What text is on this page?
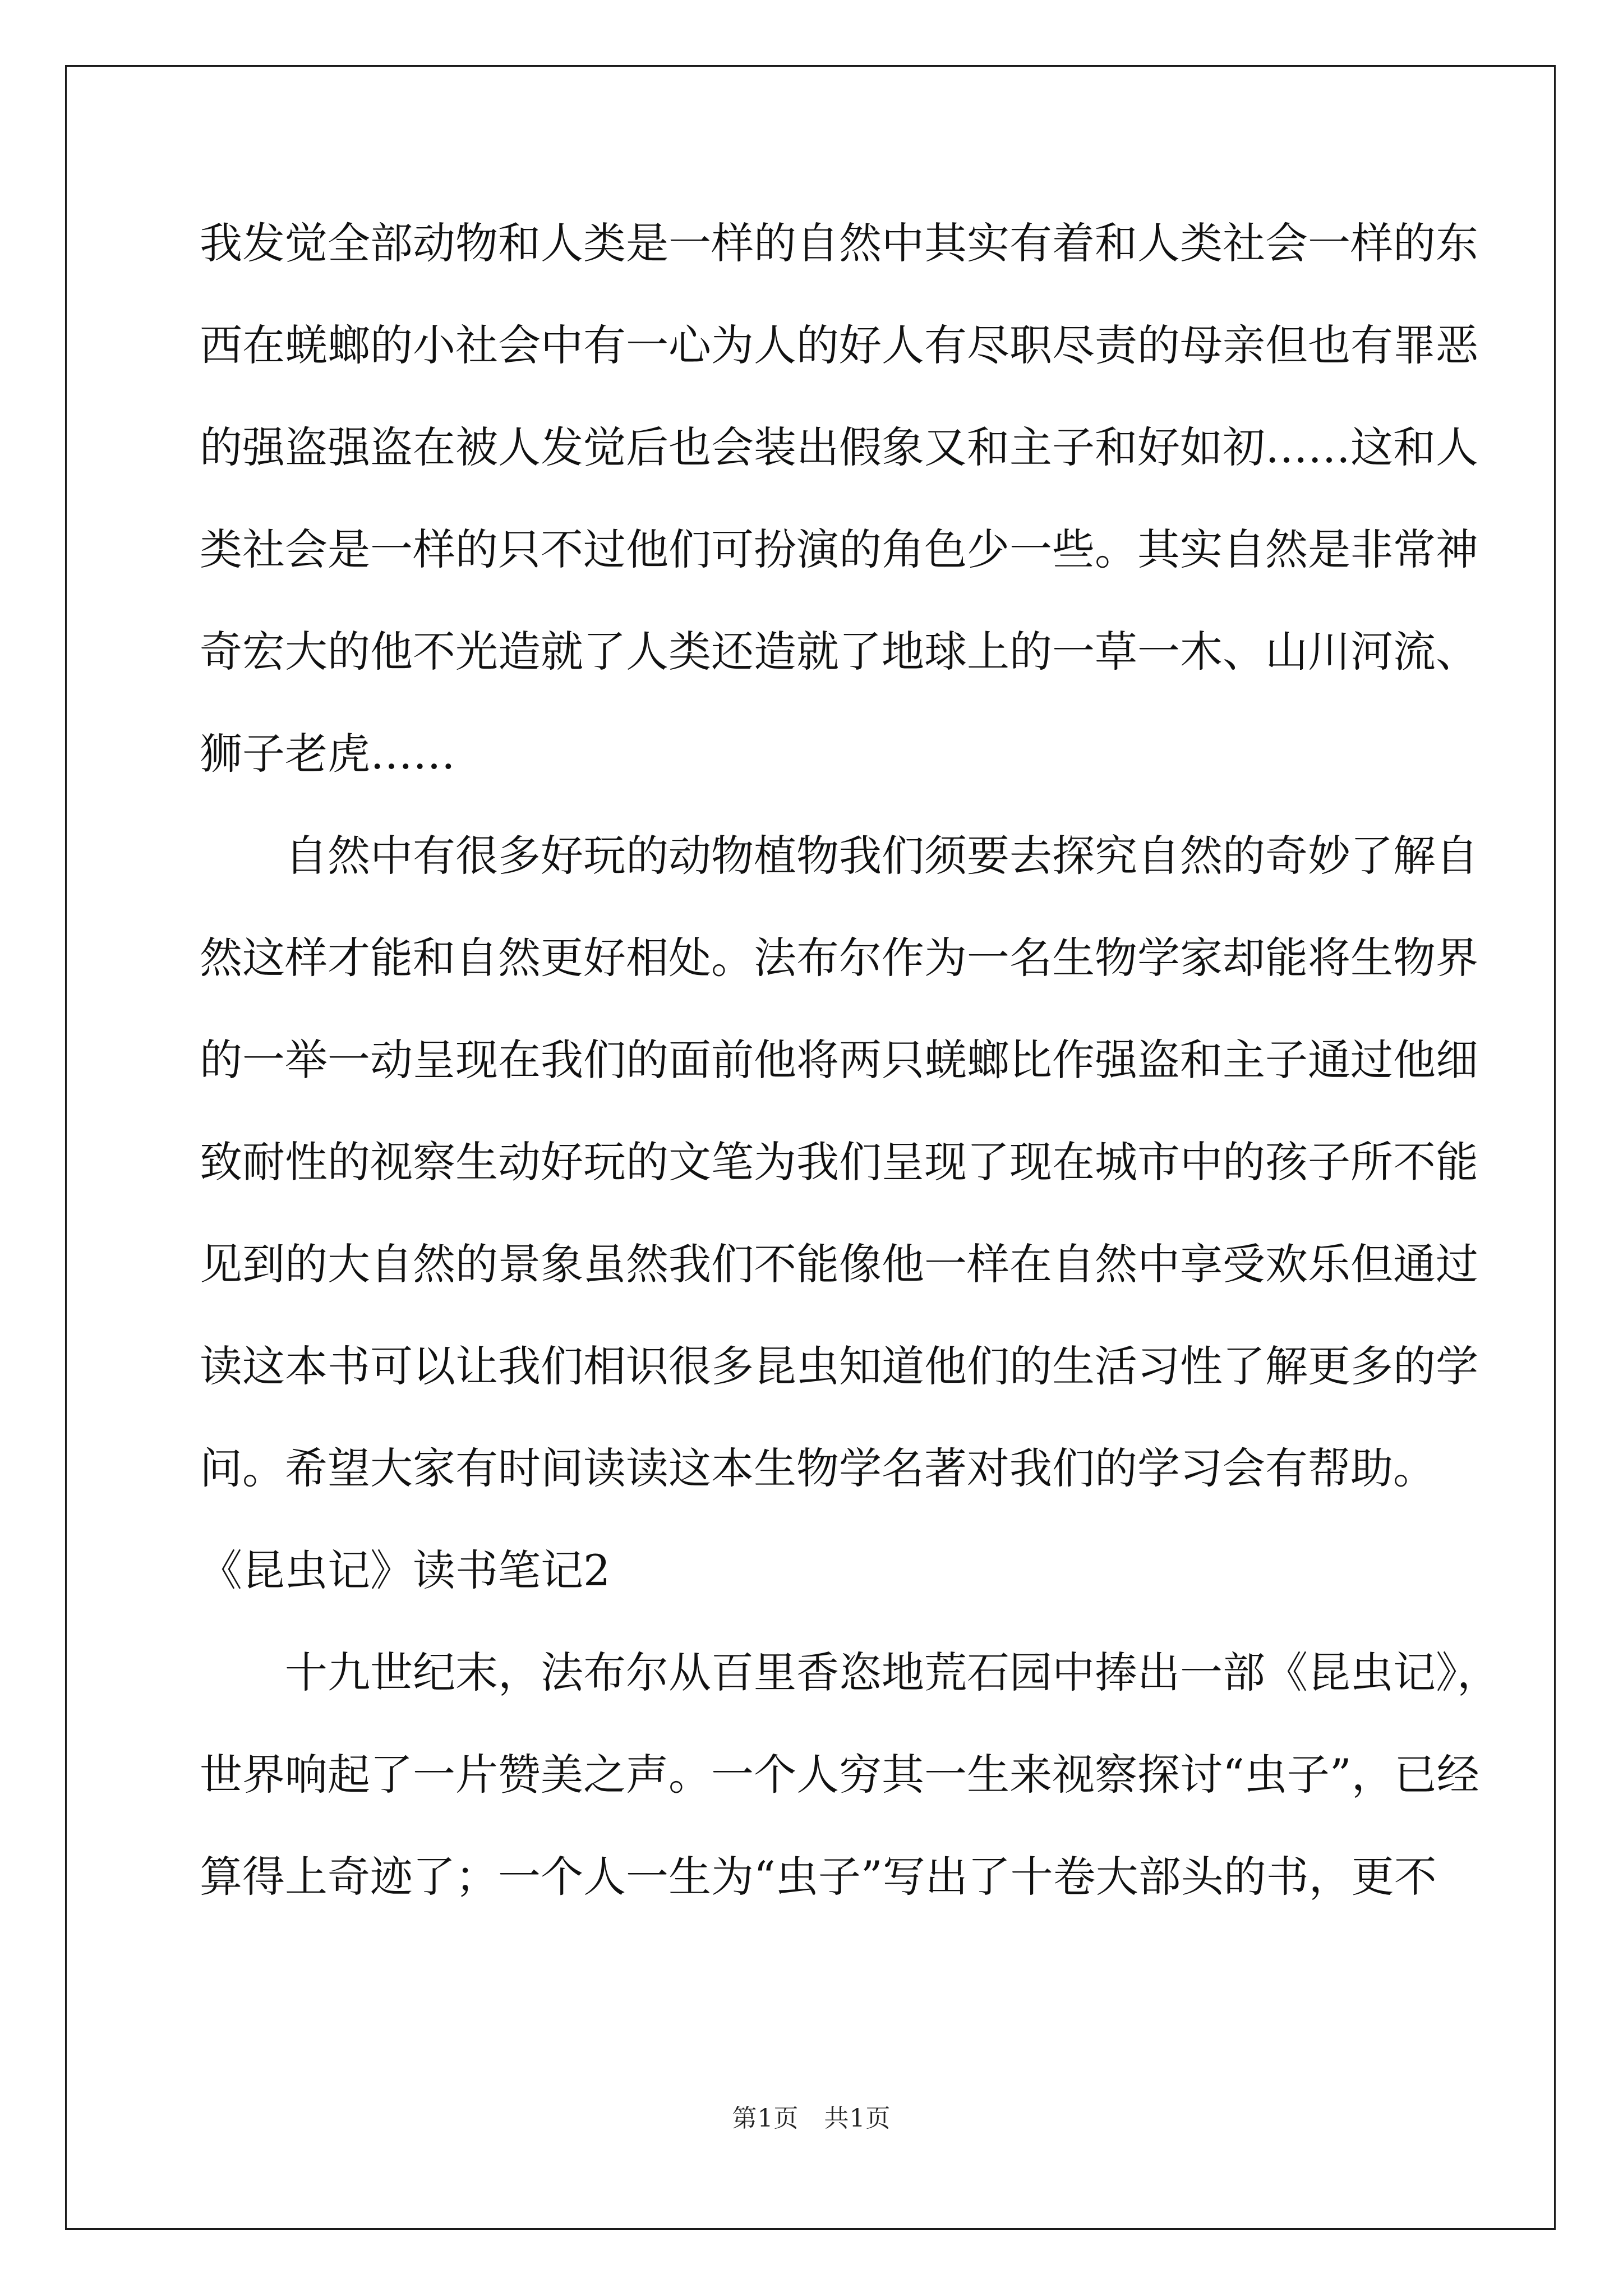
我发觉全部动物和人类是一样的自然中其实有着和人类社会一样的东
西在蜣螂的小社会中有一心为人的好人有尽职尽责的母亲但也有罪恶
的强盗强盗在被人发觉后也会装出假象又和主子和好如初……这和人
类社会是一样的只不过他们可扮演的角色少一些。其实自然是非常神
奇宏大的他不光造就了人类还造就了地球上的一草一木、山川河流、
狮子老虎……
自然中有很多好玩的动物植物我们须要去探究自然的奇妙了解自
然这样才能和自然更好相处。法布尔作为一名生物学家却能将生物界
的一举一动呈现在我们的面前他将两只蜣螂比作强盗和主子通过他细
致耐性的视察生动好玩的文笔为我们呈现了现在城市中的孩子所不能
见到的大自然的景象虽然我们不能像他一样在自然中享受欢乐但通过
读这本书可以让我们相识很多昆虫知道他们的生活习性了解更多的学
问。希望大家有时间读读这本生物学名著对我们的学习会有帮助。
《昆虫记》读书笔记2
十九世纪末，法布尔从百里香恣地荒石园中捧出一部《昆虫记》，
世界响起了一片赞美之声。一个人穷其一生来视察探讨“虫子”，已经
算得上奇迹了；一个人一生为“虫子”写出了十卷大部头的书，更不
第1页　共1页
